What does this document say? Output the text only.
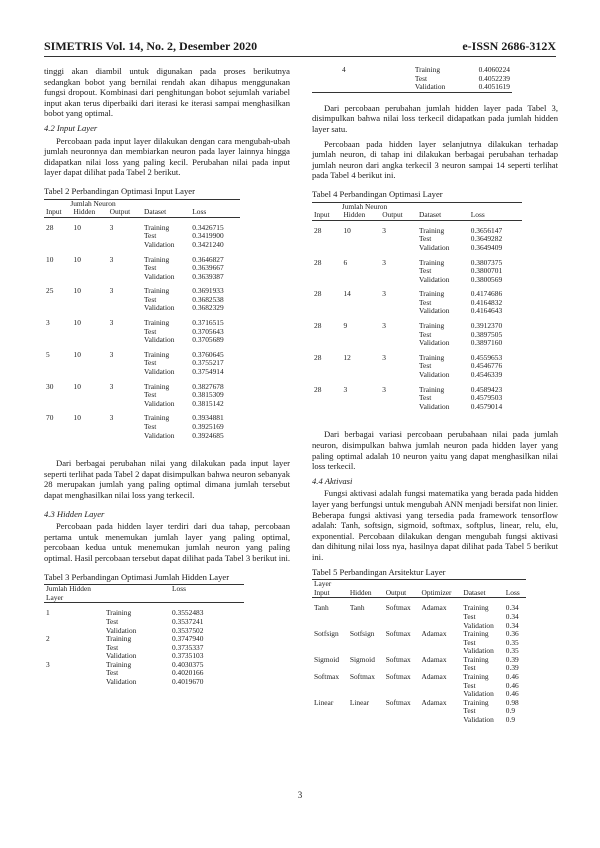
SIMETRIS Vol. 14, No. 2, Desember 2020	e-ISSN 2686-312X

tinggi akan diambil untuk digunakan pada proses berikutnya sedangkan bobot yang bernilai rendah akan dihapus menggunakan fungsi dropout. Kombinasi dari penghitungan bobot sejumlah variabel input akan terus diperbaiki dari iterasi ke iterasi sampai menghasilkan bobot yang optimal.

4.2 Input Layer

Percobaan pada input layer dilakukan dengan cara mengubah-ubah jumlah neuronnya dan membiarkan neuron pada layer lainnya hingga didapatkan nilai loss yang paling kecil. Perubahan nilai pada input layer dapat dilihat pada Tabel 2 berikut.

Tabel 2 Perbandingan Optimasi Input Layer
Jumlah Neuron				
Input	Hidden	Output	Dataset	Loss

28	10	3	Training	0.3426715
			Test	0.3419900
			Validation	0.3421240

10	10	3	Training	0.3646827
			Test	0.3639667
			Validation	0.3639387

25	10	3	Training	0.3691933
			Test	0.3682538
			Validation	0.3682329

3	10	3	Training	0.3716515
			Test	0.3705643
			Validation	0.3705689

5	10	3	Training	0.3760645
			Test	0.3755217
			Validation	0.3754914

30	10	3	Training	0.3827678
			Test	0.3815309
			Validation	0.3815142

70	10	3	Training	0.3934881
			Test	0.3925169
			Validation	0.3924685

Dari berbagai perubahan nilai yang dilakukan pada input layer seperti terlihat pada Tabel 2 dapat disimpulkan bahwa neuron sebanyak 28 merupakan jumlah yang paling optimal dimana jumlah tersebut dapat menghasilkan nilai loss yang terkecil.

4.3 Hidden Layer

Percobaan pada hidden layer terdiri dari dua tahap, percobaan pertama untuk menemukan jumlah layer yang paling optimal, percobaan kedua untuk menemukan jumlah neuron yang paling optimal. Hasil percobaan tersebut dapat dilihat pada Tabel 3 berikut ini.

Tabel 3 Perbandingan Optimasi Jumlah Hidden Layer
Jumlah Hidden Layer		Loss

1	Training	0.3552483
	Test	0.3537241
	Validation	0.3537502
2	Training	0.3747940
	Test	0.3735337
	Validation	0.3735103
3	Training	0.4030375
	Test	0.4020166
	Validation	0.4019670
4	Training	0.4060224
	Test	0.4052239
	Validation	0.4051619

Dari percobaan perubahan jumlah hidden layer pada Tabel 3, disimpulkan bahwa nilai loss terkecil didapatkan pada jumlah hidden layer satu.

Percobaan pada hidden layer selanjutnya dilakukan terhadap jumlah neuron, di tahap ini dilakukan berbagai perubahan terhadap jumlah neuron dari angka terkecil 3 neuron sampai 14 seperti terlihat pada Tabel 4 berikut ini.

Tabel 4 Perbandingan Optimasi Layer
Jumlah Neuron				
Input	Hidden	Output	Dataset	Loss

28	10	3	Training	0.3656147
			Test	0.3649282
			Validation	0.3649409

28	6	3	Training	0.3807375
			Test	0.3800701
			Validation	0.3800569

28	14	3	Training	0.4174686
			Test	0.4164832
			Validation	0.4164643

28	9	3	Training	0.3912370
			Test	0.3897505
			Validation	0.3897160

28	12	3	Training	0.4559653
			Test	0.4546776
			Validation	0.4546339

28	3	3	Training	0.4589423
			Test	0.4579503
			Validation	0.4579014

Dari berbagai variasi percobaan perubahaan nilai pada jumlah neuron, disimpulkan bahwa jumlah neuron pada hidden layer yang paling optimal adalah 10 neuron yaitu yang dapat menghasilkan nilai loss terkecil.

4.4 Aktivasi

Fungsi aktivasi adalah fungsi matematika yang berada pada hidden layer yang berfungsi untuk mengubah ANN menjadi bersifat non linier. Beberapa fungsi aktivasi yang tersedia pada framework tensorflow adalah: Tanh, softsign, sigmoid, softmax, softplus, linear, relu, elu, exponential. Percobaan dilakukan dengan mengubah fungsi aktivasi dan dihitung nilai loss nya, hasilnya dapat dilihat pada Tabel 5 berikut ini.

Tabel 5 Perbandingan Arsitektur Layer
Layer					
Input	Hidden	Output	Optimizer	Dataset	Loss

Tanh	Tanh	Softmax	Adamax	Training	0.34
				Test	0.34
				Validation	0.34
Sotfsign	Sotfsign	Softmax	Adamax	Training	0.36
				Test	0.35
				Validation	0.35
Sigmoid	Sigmoid	Softmax	Adamax	Training	0.39
				Test	0.39
Softmax	Softmax	Softmax	Adamax	Training	0.46
				Test	0.46
				Validation	0.46
Linear	Linear	Softmax	Adamax	Training	0.98
				Test	0.9

				Validation	0.9
3
